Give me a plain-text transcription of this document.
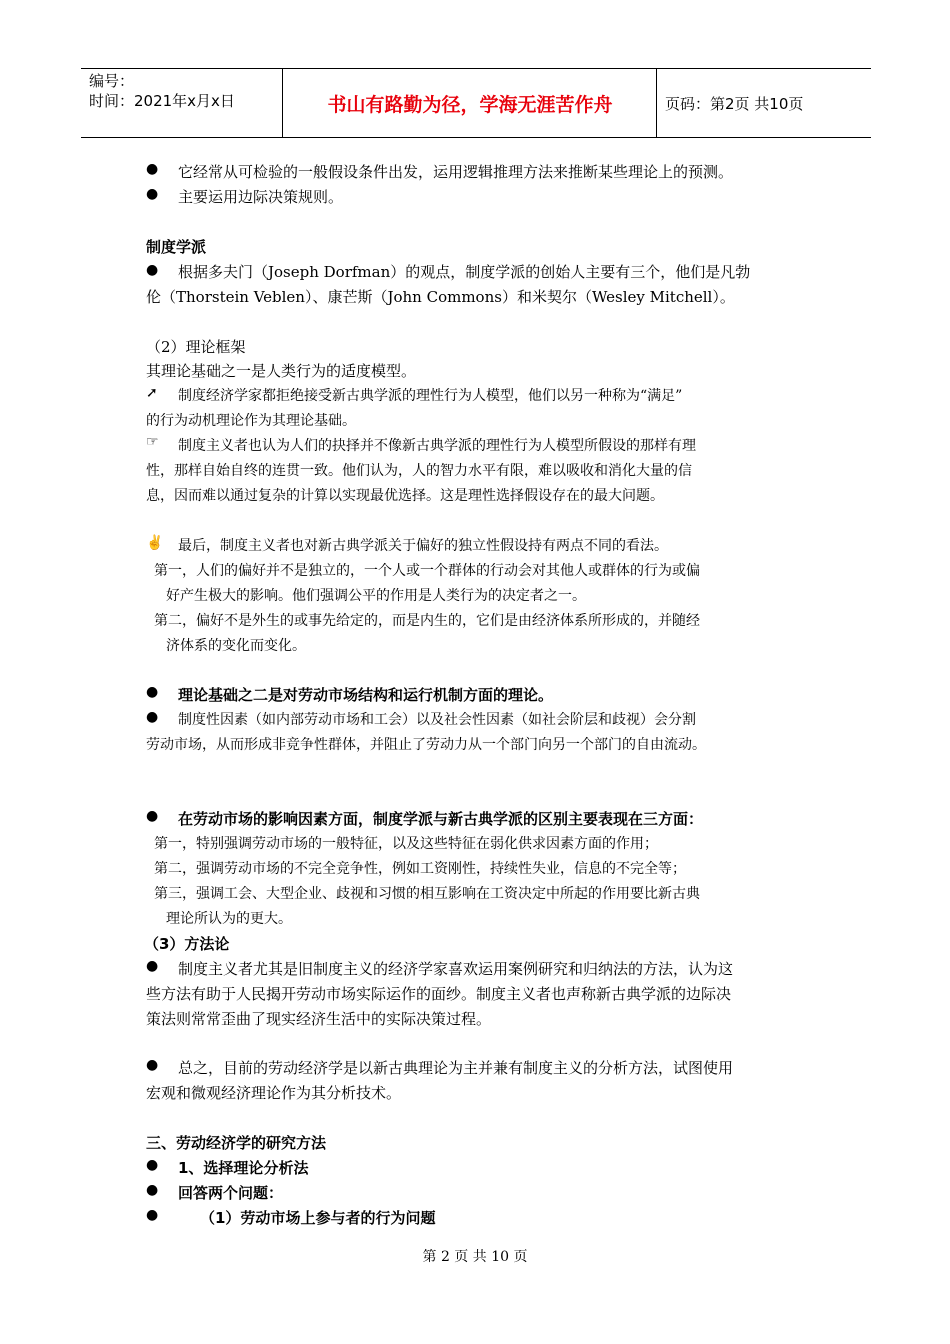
编号：
时间：2021年x月x日	书山有路勤为径，学海无涯苦作舟	页码：第2页 共10页
●
●
●
➚
☞
✌
●
●
●
●
●
●
●
●
它经常从可检验的一般假设条件出发，运用逻辑推理方法来推断某些理论上的预测。
主要运用边际决策规则。
制度学派
根据多夫门（Joseph Dorfman）的观点，制度学派的创始人主要有三个，他们是凡勃
伦（Thorstein Veblen）、康芒斯（John Commons）和米契尔（Wesley Mitchell）。
（2）理论框架
其理论基础之一是人类行为的适度模型。
制度经济学家都拒绝接受新古典学派的理性行为人模型，他们以另一种称为“满足”
的行为动机理论作为其理论基础。
制度主义者也认为人们的抉择并不像新古典学派的理性行为人模型所假设的那样有理
性，那样自始自终的连贯一致。他们认为，人的智力水平有限，难以吸收和消化大量的信
息，因而难以通过复杂的计算以实现最优选择。这是理性选择假设存在的最大问题。
最后，制度主义者也对新古典学派关于偏好的独立性假设持有两点不同的看法。
第一，人们的偏好并不是独立的，一个人或一个群体的行动会对其他人或群体的行为或偏
好产生极大的影响。他们强调公平的作用是人类行为的决定者之一。
第二，偏好不是外生的或事先给定的，而是内生的，它们是由经济体系所形成的，并随经
济体系的变化而变化。
理论基础之二是对劳动市场结构和运行机制方面的理论。
制度性因素（如内部劳动市场和工会）以及社会性因素（如社会阶层和歧视）会分割
劳动市场，从而形成非竞争性群体，并阻止了劳动力从一个部门向另一个部门的自由流动。
在劳动市场的影响因素方面，制度学派与新古典学派的区别主要表现在三方面：
第一，特别强调劳动市场的一般特征，以及这些特征在弱化供求因素方面的作用；
第二，强调劳动市场的不完全竞争性，例如工资刚性，持续性失业，信息的不完全等；
第三，强调工会、大型企业、歧视和习惯的相互影响在工资决定中所起的作用要比新古典
理论所认为的更大。
（3）方法论
制度主义者尤其是旧制度主义的经济学家喜欢运用案例研究和归纳法的方法，认为这
些方法有助于人民揭开劳动市场实际运作的面纱。制度主义者也声称新古典学派的边际决
策法则常常歪曲了现实经济生活中的实际决策过程。
总之，目前的劳动经济学是以新古典理论为主并兼有制度主义的分析方法，试图使用
宏观和微观经济理论作为其分析技术。
三、劳动经济学的研究方法
1、选择理论分析法
回答两个问题：
（1）劳动市场上参与者的行为问题
第 2 页 共 10 页
